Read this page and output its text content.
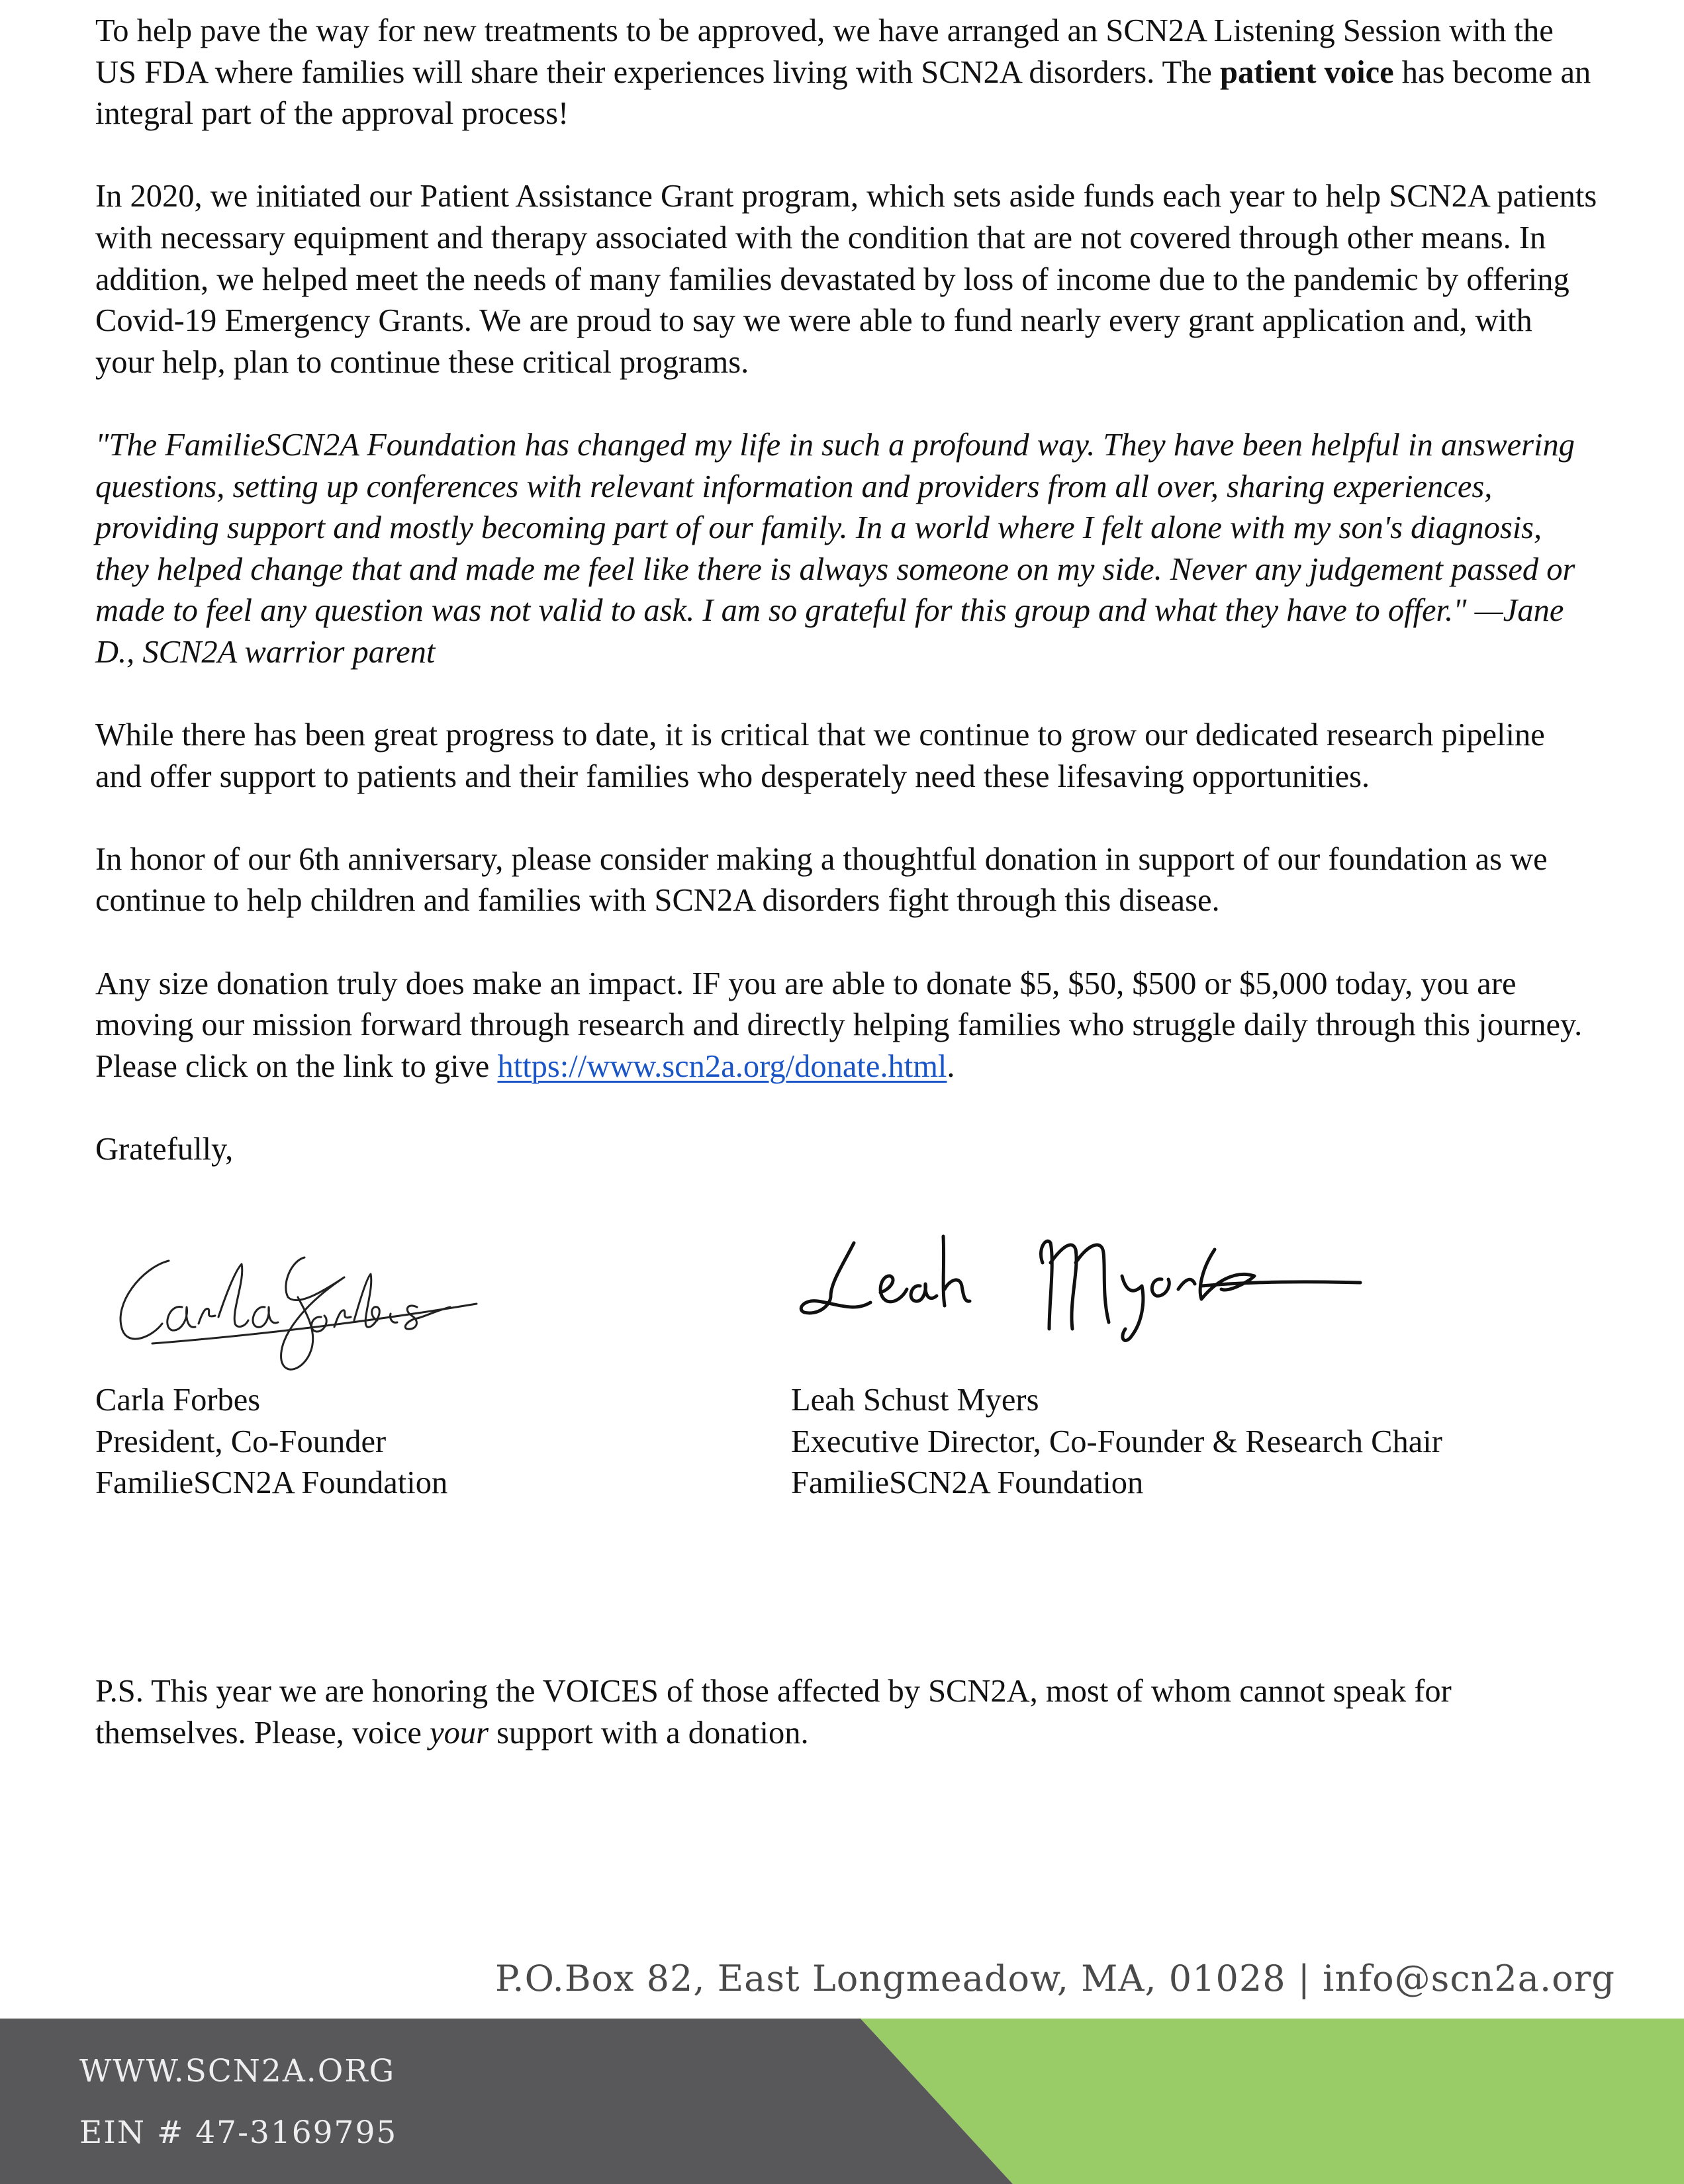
To help pave the way for new treatments to be approved, we have arranged an SCN2A Listening Session with the US FDA where families will share their experiences living with SCN2A disorders. The patient voice has become an integral part of the approval process!

In 2020, we initiated our Patient Assistance Grant program, which sets aside funds each year to help SCN2A patients with necessary equipment and therapy associated with the condition that are not covered through other means. In addition, we helped meet the needs of many families devastated by loss of income due to the pandemic by offering Covid-19 Emergency Grants. We are proud to say we were able to fund nearly every grant application and, with your help, plan to continue these critical programs.

"The FamilieSCN2A Foundation has changed my life in such a profound way. They have been helpful in answering questions, setting up conferences with relevant information and providers from all over, sharing experiences, providing support and mostly becoming part of our family. In a world where I felt alone with my son's diagnosis, they helped change that and made me feel like there is always someone on my side. Never any judgement passed or made to feel any question was not valid to ask. I am so grateful for this group and what they have to offer." —Jane D., SCN2A warrior parent

While there has been great progress to date, it is critical that we continue to grow our dedicated research pipeline and offer support to patients and their families who desperately need these lifesaving opportunities.

In honor of our 6th anniversary, please consider making a thoughtful donation in support of our foundation as we continue to help children and families with SCN2A disorders fight through this disease.

Any size donation truly does make an impact. IF you are able to donate $5, $50, $500 or $5,000 today, you are moving our mission forward through research and directly helping families who struggle daily through this journey. Please click on the link to give https://www.scn2a.org/donate.html.

Gratefully,

Carla Forbes
President, Co-Founder
FamilieSCN2A Foundation
Leah Schust Myers
Executive Director, Co-Founder & Research Chair
FamilieSCN2A Foundation

P.S. This year we are honoring the VOICES of those affected by SCN2A, most of whom cannot speak for themselves. Please, voice your support with a donation.

P.O.Box 82, East Longmeadow, MA, 01028 | info@scn2a.org
WWW.SCN2A.ORG
EIN # 47-3169795
